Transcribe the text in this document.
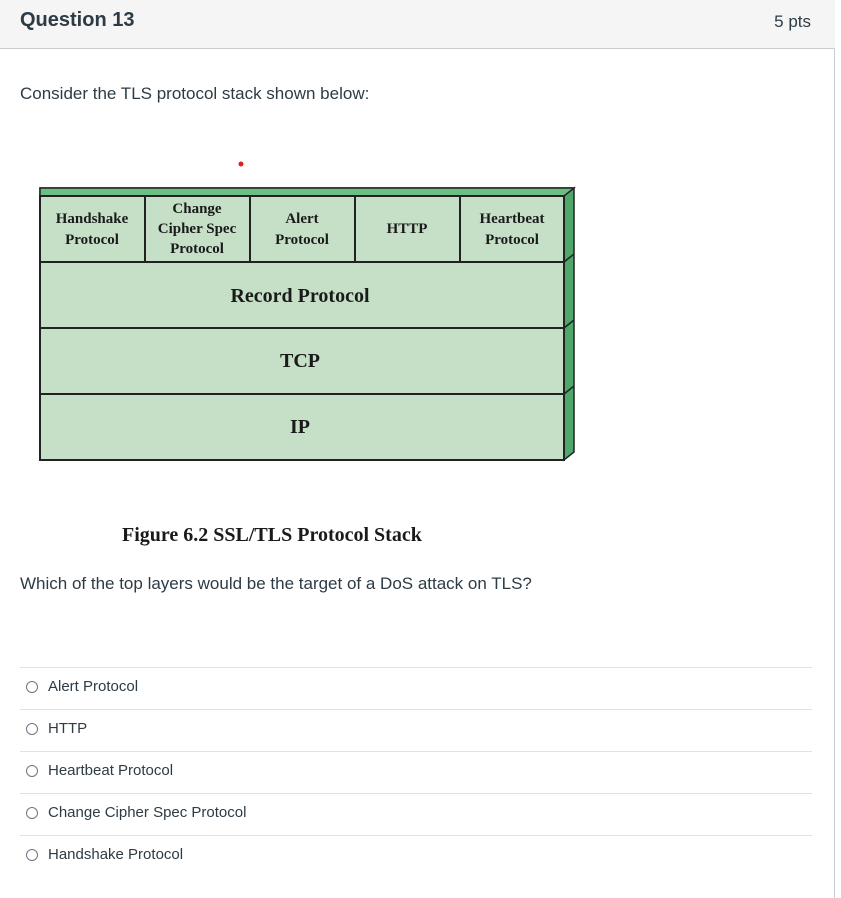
Question 13	5 pts
Consider the TLS protocol stack shown below:
Handshake
Protocol
Change
Cipher Spec
Protocol
Alert
Protocol
HTTP
Heartbeat
Protocol
Record Protocol
TCP
IP
Figure 6.2 SSL/TLS Protocol Stack
Which of the top layers would be the target of a DoS attack on TLS?
Alert Protocol
HTTP
Heartbeat Protocol
Change Cipher Spec Protocol
Handshake Protocol
